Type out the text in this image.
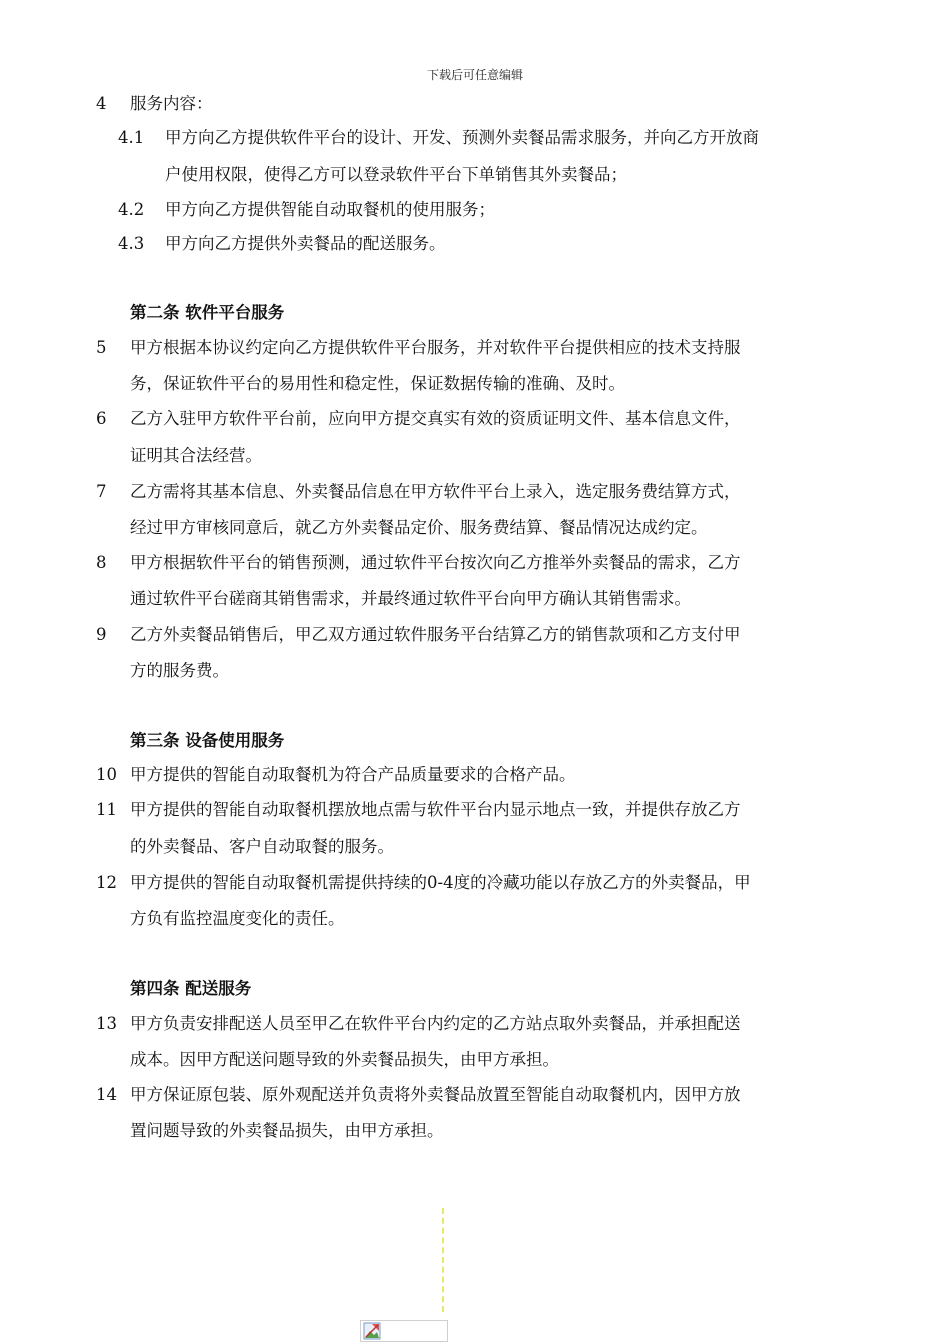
下载后可任意编辑
4 服务内容：
4.1 甲方向乙方提供软件平台的设计、开发、预测外卖餐品需求服务，并向乙方开放商
户使用权限，使得乙方可以登录软件平台下单销售其外卖餐品；
4.2 甲方向乙方提供智能自动取餐机的使用服务；
4.3 甲方向乙方提供外卖餐品的配送服务。
第二条 软件平台服务
5 甲方根据本协议约定向乙方提供软件平台服务，并对软件平台提供相应的技术支持服
务，保证软件平台的易用性和稳定性，保证数据传输的准确、及时。
6 乙方入驻甲方软件平台前，应向甲方提交真实有效的资质证明文件、基本信息文件，
证明其合法经营。
7 乙方需将其基本信息、外卖餐品信息在甲方软件平台上录入，选定服务费结算方式，
经过甲方审核同意后，就乙方外卖餐品定价、服务费结算、餐品情况达成约定。
8 甲方根据软件平台的销售预测，通过软件平台按次向乙方推举外卖餐品的需求，乙方
通过软件平台磋商其销售需求，并最终通过软件平台向甲方确认其销售需求。
9 乙方外卖餐品销售后，甲乙双方通过软件服务平台结算乙方的销售款项和乙方支付甲
方的服务费。
第三条 设备使用服务
10 甲方提供的智能自动取餐机为符合产品质量要求的合格产品。
11 甲方提供的智能自动取餐机摆放地点需与软件平台内显示地点一致，并提供存放乙方
的外卖餐品、客户自动取餐的服务。
12 甲方提供的智能自动取餐机需提供持续的0-4度的冷藏功能以存放乙方的外卖餐品，甲
方负有监控温度变化的责任。
第四条 配送服务
13 甲方负责安排配送人员至甲乙在软件平台内约定的乙方站点取外卖餐品，并承担配送
成本。因甲方配送问题导致的外卖餐品损失，由甲方承担。
14 甲方保证原包装、原外观配送并负责将外卖餐品放置至智能自动取餐机内，因甲方放
置问题导致的外卖餐品损失，由甲方承担。
